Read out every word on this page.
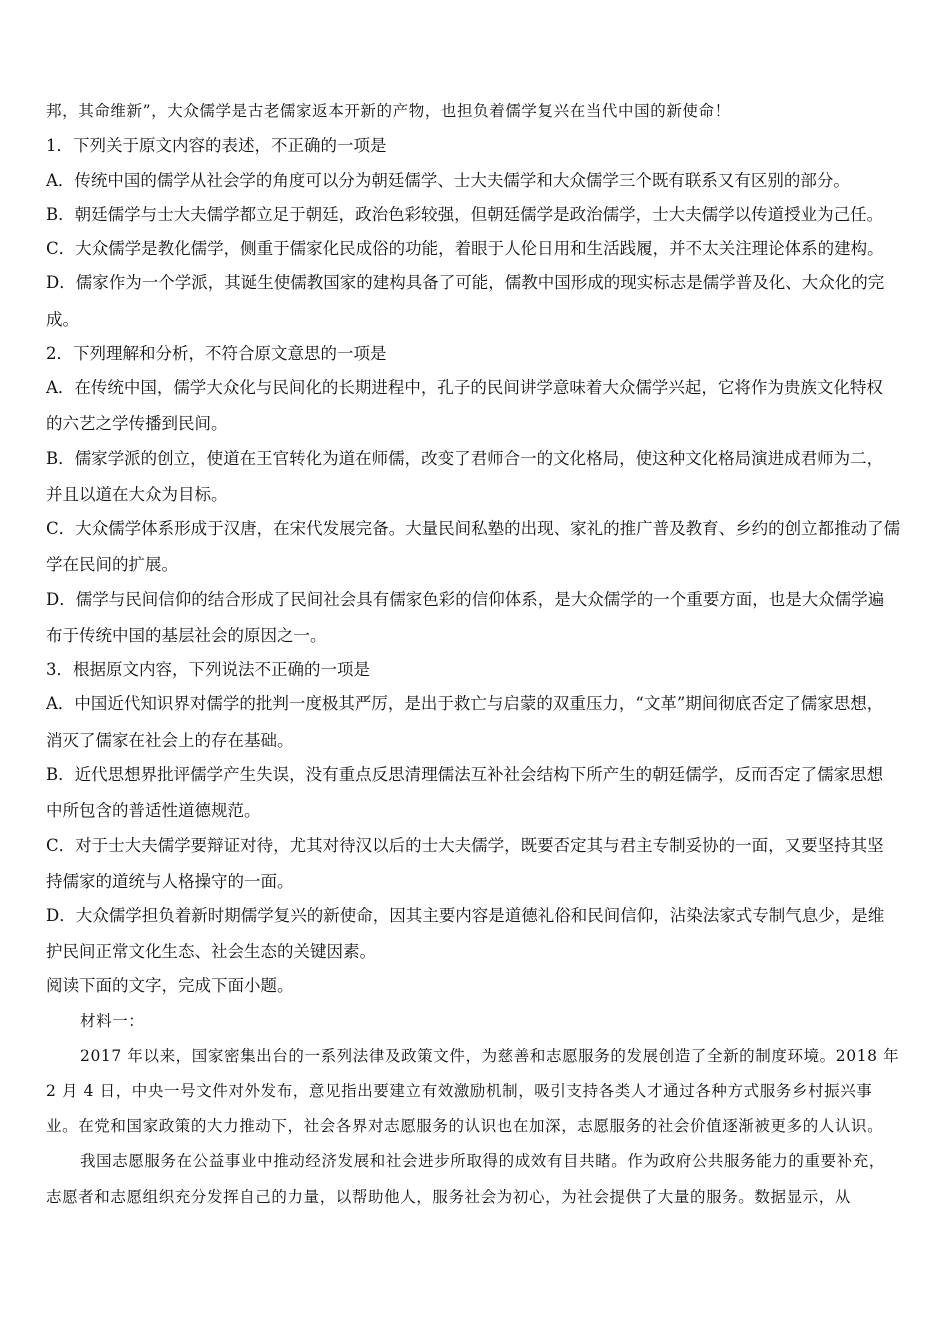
邦，其命维新”，大众儒学是古老儒家返本开新的产物，也担负着儒学复兴在当代中国的新使命！
1．下列关于原文内容的表述，不正确的一项是
A．传统中国的儒学从社会学的角度可以分为朝廷儒学、士大夫儒学和大众儒学三个既有联系又有区别的部分。
B．朝廷儒学与士大夫儒学都立足于朝廷，政治色彩较强，但朝廷儒学是政治儒学，士大夫儒学以传道授业为己任。
C．大众儒学是教化儒学，侧重于儒家化民成俗的功能，着眼于人伦日用和生活践履，并不太关注理论体系的建构。
D．儒家作为一个学派，其诞生使儒教国家的建构具备了可能，儒教中国形成的现实标志是儒学普及化、大众化的完
成。
2．下列理解和分析，不符合原文意思的一项是
A．在传统中国，儒学大众化与民间化的长期进程中，孔子的民间讲学意味着大众儒学兴起，它将作为贵族文化特权
的六艺之学传播到民间。
B．儒家学派的创立，使道在王官转化为道在师儒，改变了君师合一的文化格局，使这种文化格局演进成君师为二，
并且以道在大众为目标。
C．大众儒学体系形成于汉唐，在宋代发展完备。大量民间私塾的出现、家礼的推广普及教育、乡约的创立都推动了儒
学在民间的扩展。
D．儒学与民间信仰的结合形成了民间社会具有儒家色彩的信仰体系，是大众儒学的一个重要方面，也是大众儒学遍
布于传统中国的基层社会的原因之一。
3．根据原文内容，下列说法不正确的一项是
A．中国近代知识界对儒学的批判一度极其严厉，是出于救亡与启蒙的双重压力，“文革”期间彻底否定了儒家思想，
消灭了儒家在社会上的存在基础。
B．近代思想界批评儒学产生失误，没有重点反思清理儒法互补社会结构下所产生的朝廷儒学，反而否定了儒家思想
中所包含的普适性道德规范。
C．对于士大夫儒学要辩证对待，尤其对待汉以后的士大夫儒学，既要否定其与君主专制妥协的一面，又要坚持其坚
持儒家的道统与人格操守的一面。
D．大众儒学担负着新时期儒学复兴的新使命，因其主要内容是道德礼俗和民间信仰，沾染法家式专制气息少，是维
护民间正常文化生态、社会生态的关键因素。
阅读下面的文字，完成下面小题。
材料一：
2017 年以来，国家密集出台的一系列法律及政策文件，为慈善和志愿服务的发展创造了全新的制度环境。2018 年
2 月 4 日，中央一号文件对外发布，意见指出要建立有效激励机制，吸引支持各类人才通过各种方式服务乡村振兴事
业。在党和国家政策的大力推动下，社会各界对志愿服务的认识也在加深，志愿服务的社会价值逐渐被更多的人认识。
我国志愿服务在公益事业中推动经济发展和社会进步所取得的成效有目共睹。作为政府公共服务能力的重要补充，
志愿者和志愿组织充分发挥自己的力量，以帮助他人，服务社会为初心，为社会提供了大量的服务。数据显示，从
